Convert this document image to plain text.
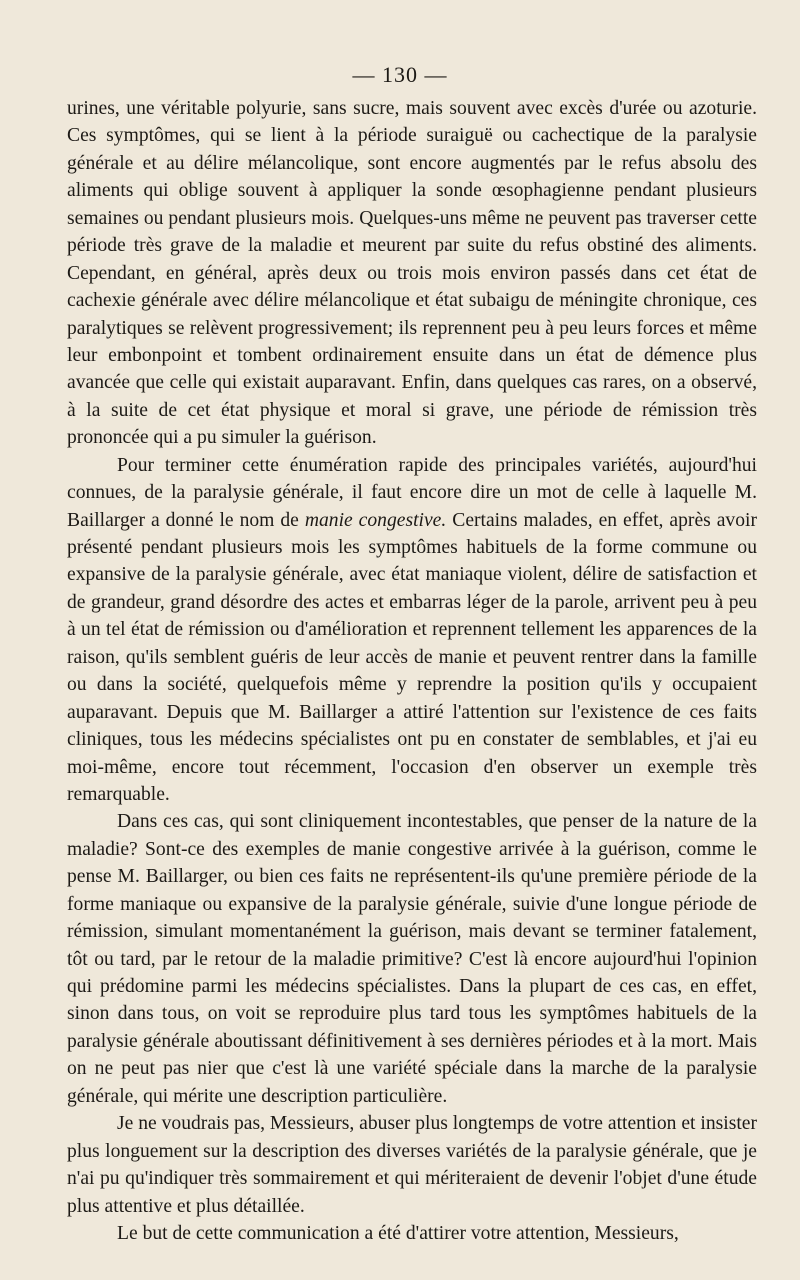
— 130 —

urines, une véritable polyurie, sans sucre, mais souvent avec excès d'urée ou azoturie. Ces symptômes, qui se lient à la période suraiguë ou cachectique de la paralysie générale et au délire mélancolique, sont encore augmentés par le refus absolu des aliments qui oblige souvent à appliquer la sonde œsophagienne pendant plusieurs semaines ou pendant plusieurs mois. Quelques-uns même ne peuvent pas traverser cette période très grave de la maladie et meurent par suite du refus obstiné des aliments. Cependant, en général, après deux ou trois mois environ passés dans cet état de cachexie générale avec délire mélancolique et état subaigu de méningite chronique, ces paralytiques se relèvent progressivement; ils reprennent peu à peu leurs forces et même leur embonpoint et tombent ordinairement ensuite dans un état de démence plus avancée que celle qui existait auparavant. Enfin, dans quelques cas rares, on a observé, à la suite de cet état physique et moral si grave, une période de rémission très prononcée qui a pu simuler la guérison.

Pour terminer cette énumération rapide des principales variétés, aujourd'hui connues, de la paralysie générale, il faut encore dire un mot de celle à laquelle M. Baillarger a donné le nom de manie congestive. Certains malades, en effet, après avoir présenté pendant plusieurs mois les symptômes habituels de la forme commune ou expansive de la paralysie générale, avec état maniaque violent, délire de satisfaction et de grandeur, grand désordre des actes et embarras léger de la parole, arrivent peu à peu à un tel état de rémission ou d'amélioration et reprennent tellement les apparences de la raison, qu'ils semblent guéris de leur accès de manie et peuvent rentrer dans la famille ou dans la société, quelquefois même y reprendre la position qu'ils y occupaient auparavant. Depuis que M. Baillarger a attiré l'attention sur l'existence de ces faits cliniques, tous les médecins spécialistes ont pu en constater de semblables, et j'ai eu moi-même, encore tout récemment, l'occasion d'en observer un exemple très remarquable.

Dans ces cas, qui sont cliniquement incontestables, que penser de la nature de la maladie? Sont-ce des exemples de manie congestive arrivée à la guérison, comme le pense M. Baillarger, ou bien ces faits ne représentent-ils qu'une première période de la forme maniaque ou expansive de la paralysie générale, suivie d'une longue période de rémission, simulant momentanément la guérison, mais devant se terminer fatalement, tôt ou tard, par le retour de la maladie primitive? C'est là encore aujourd'hui l'opinion qui prédomine parmi les médecins spécialistes. Dans la plupart de ces cas, en effet, sinon dans tous, on voit se reproduire plus tard tous les symptômes habituels de la paralysie générale aboutissant définitivement à ses dernières périodes et à la mort. Mais on ne peut pas nier que c'est là une variété spéciale dans la marche de la paralysie générale, qui mérite une description particulière.

Je ne voudrais pas, Messieurs, abuser plus longtemps de votre attention et insister plus longuement sur la description des diverses variétés de la paralysie générale, que je n'ai pu qu'indiquer très sommairement et qui mériteraient de devenir l'objet d'une étude plus attentive et plus détaillée.

Le but de cette communication a été d'attirer votre attention, Messieurs,
